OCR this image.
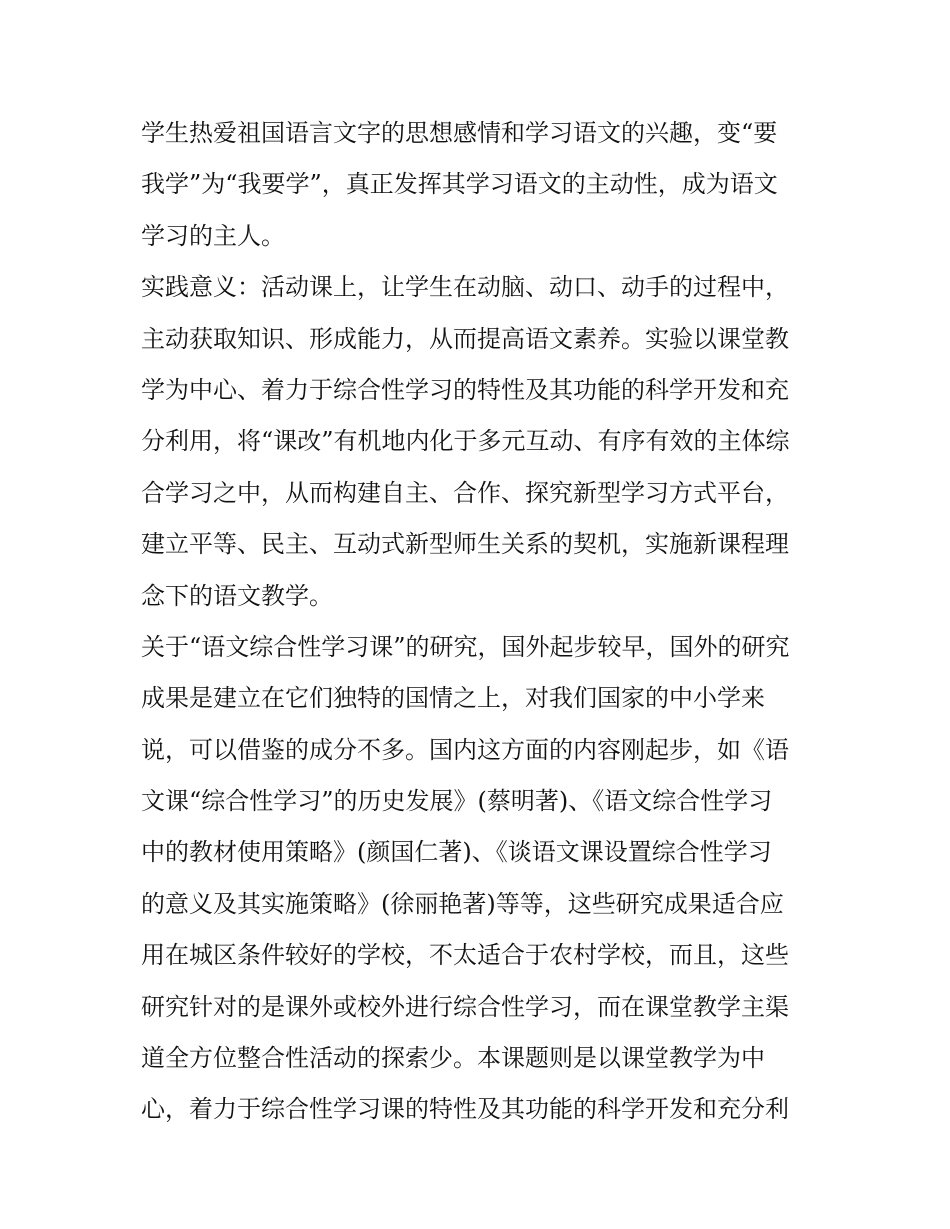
学生热爱祖国语言文字的思想感情和学习语文的兴趣，变“要
我学”为“我要学”，真正发挥其学习语文的主动性，成为语文
学习的主人。
实践意义：活动课上，让学生在动脑、动口、动手的过程中，
主动获取知识、形成能力，从而提高语文素养。实验以课堂教
学为中心、着力于综合性学习的特性及其功能的科学开发和充
分利用，将“课改”有机地内化于多元互动、有序有效的主体综
合学习之中，从而构建自主、合作、探究新型学习方式平台，
建立平等、民主、互动式新型师生关系的契机，实施新课程理
念下的语文教学。
关于“语文综合性学习课”的研究，国外起步较早，国外的研究
成果是建立在它们独特的国情之上，对我们国家的中小学来
说，可以借鉴的成分不多。国内这方面的内容刚起步，如《语
文课“综合性学习”的历史发展》(蔡明著)、《语文综合性学习
中的教材使用策略》(颜国仁著)、《谈语文课设置综合性学习
的意义及其实施策略》(徐丽艳著)等等，这些研究成果适合应
用在城区条件较好的学校，不太适合于农村学校，而且，这些
研究针对的是课外或校外进行综合性学习，而在课堂教学主渠
道全方位整合性活动的探索少。本课题则是以课堂教学为中
心，着力于综合性学习课的特性及其功能的科学开发和充分利
